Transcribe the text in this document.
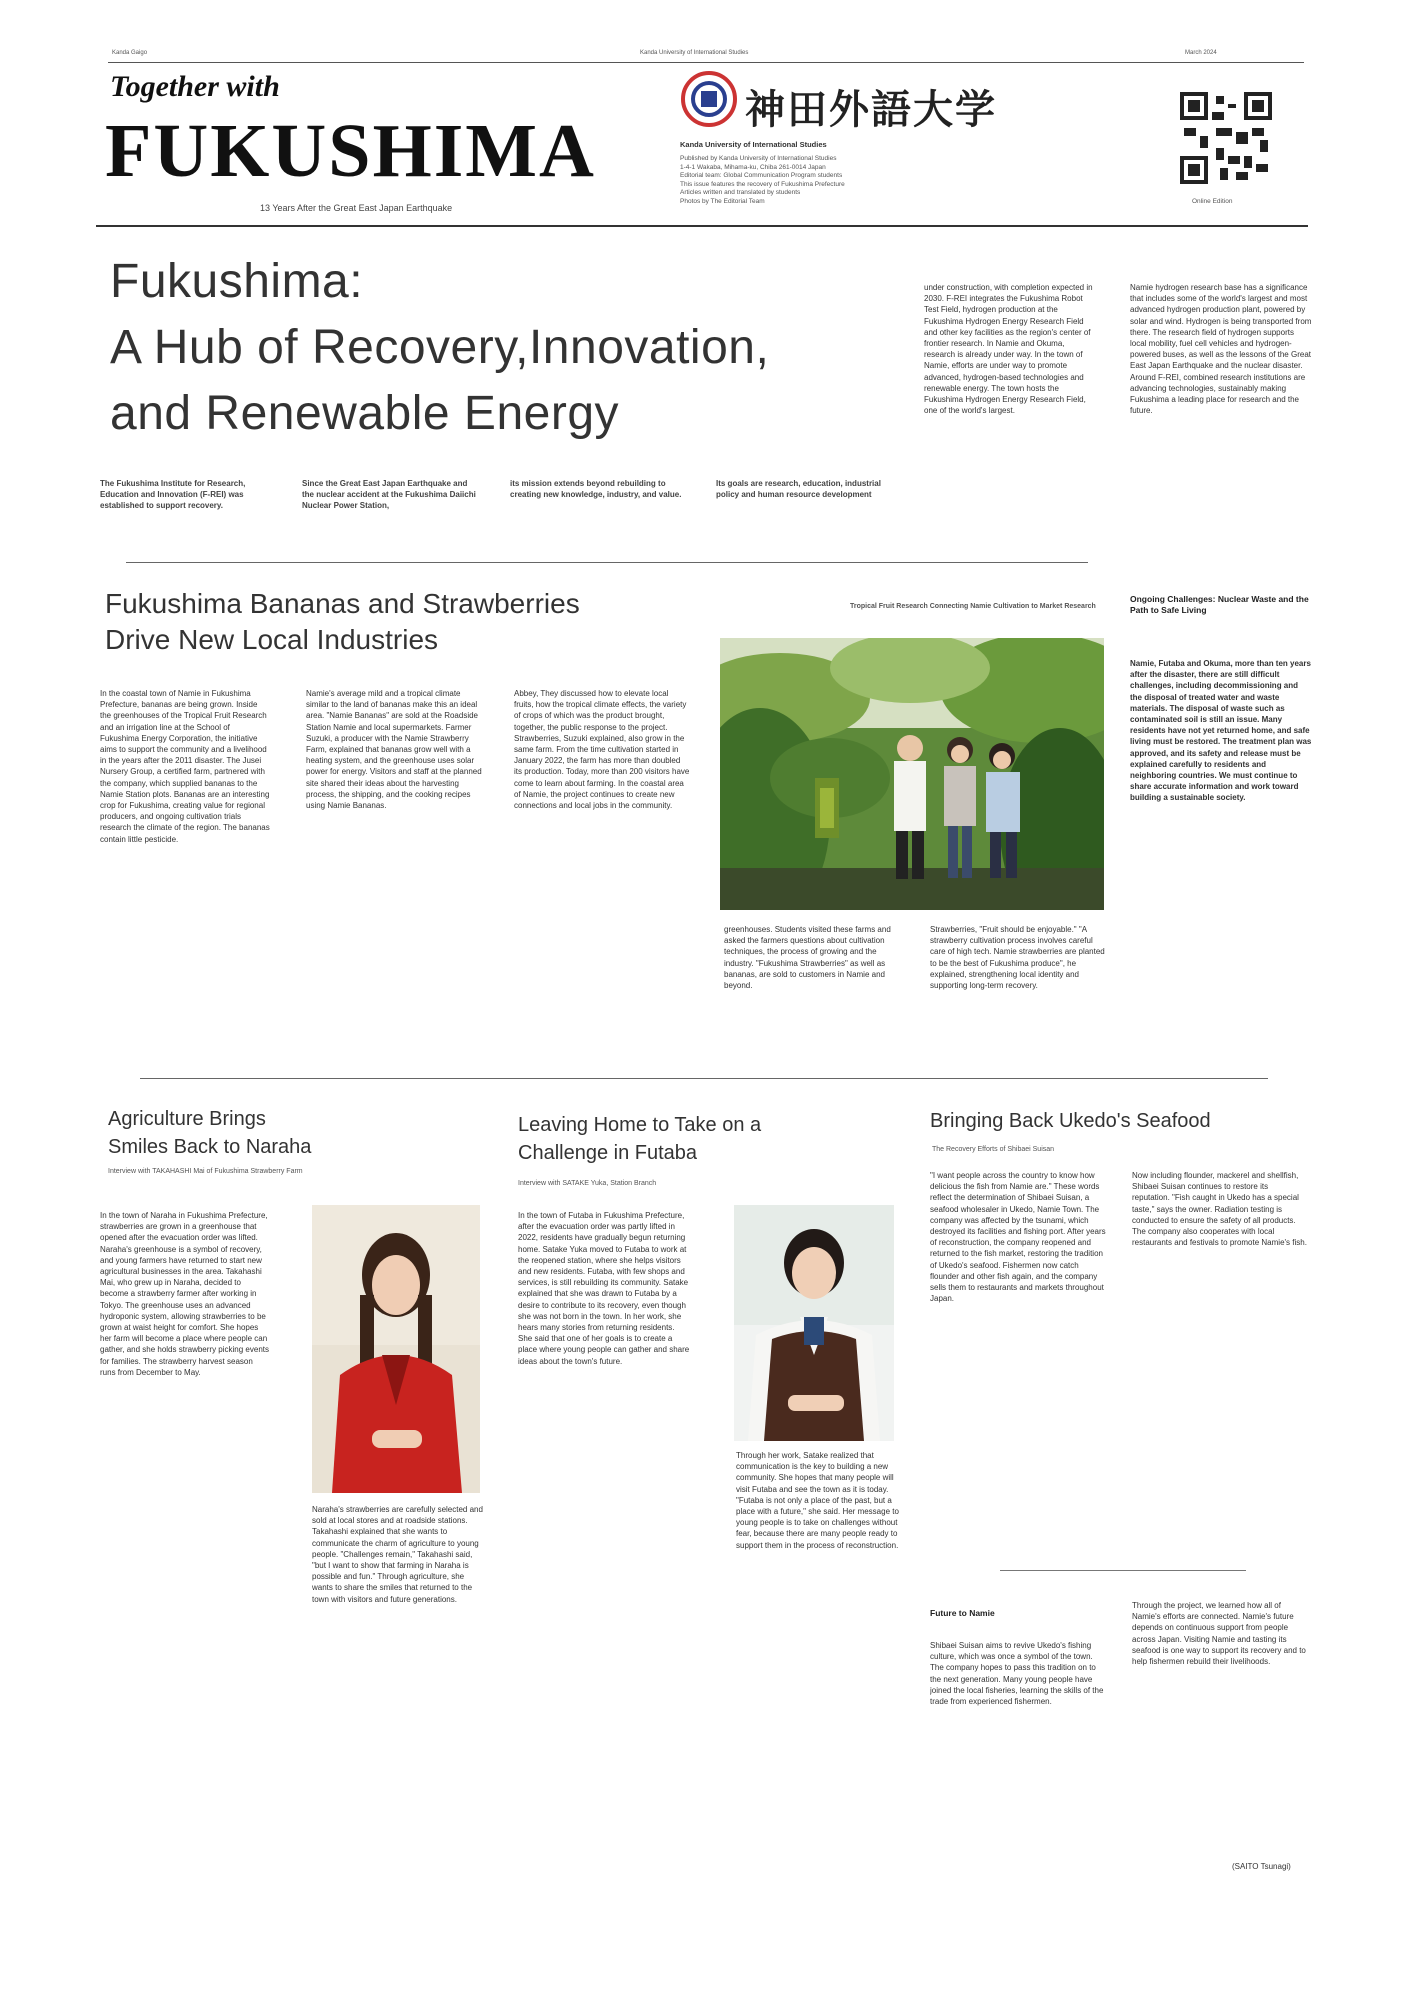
Kanda Gaigo	Kanda University of International Studies	March 2024
Together with
FUKUSHIMA
13 Years After the Great East Japan Earthquake
神田外語大学
Kanda University of International Studies
Published by Kanda University of International Studies
1-4-1 Wakaba, Mihama-ku, Chiba 261-0014 Japan
Editorial team: Global Communication Program students
This issue features the recovery of Fukushima Prefecture
Articles written and translated by students
Photos by The Editorial Team	Online Edition
Fukushima:
A Hub of Recovery,Innovation,
and Renewable Energy
The Fukushima Institute for Research, Education and Innovation (F-REI) was established to support recovery.
Since the Great East Japan Earthquake and the nuclear accident at the Fukushima Daiichi Nuclear Power Station,
its mission extends beyond rebuilding to creating new knowledge, industry, and value.
Its goals are research, education, industrial policy and human resource development
under construction, with completion expected in 2030. F-REI integrates the Fukushima Robot Test Field, hydrogen production at the Fukushima Hydrogen Energy Research Field and other key facilities as the region's center of frontier research. In Namie and Okuma, research is already under way. In the town of Namie, efforts are under way to promote advanced, hydrogen-based technologies and renewable energy. The town hosts the Fukushima Hydrogen Energy Research Field, one of the world's largest.
Namie hydrogen research base has a significance that includes some of the world's largest and most advanced hydrogen production plant, powered by solar and wind. Hydrogen is being transported from there. The research field of hydrogen supports local mobility, fuel cell vehicles and hydrogen-powered buses, as well as the lessons of the Great East Japan Earthquake and the nuclear disaster. Around F-REI, combined research institutions are advancing technologies, sustainably making Fukushima a leading place for research and the future.
Ongoing Challenges: Nuclear Waste and the Path to Safe Living
Namie, Futaba and Okuma, more than ten years after the disaster, there are still difficult challenges, including decommissioning and the disposal of treated water and waste materials. The disposal of waste such as contaminated soil is still an issue. Many residents have not yet returned home, and safe living must be restored. The treatment plan was approved, and its safety and release must be explained carefully to residents and neighboring countries. We must continue to share accurate information and work toward building a sustainable society.
Fukushima Bananas and Strawberries
Drive New Local Industries
Tropical Fruit Research Connecting Namie Cultivation to Market Research
In the coastal town of Namie in Fukushima Prefecture, bananas are being grown. Inside the greenhouses of the Tropical Fruit Research and an irrigation line at the School of Fukushima Energy Corporation, the initiative aims to support the community and a livelihood in the years after the 2011 disaster. The Jusei Nursery Group, a certified farm, partnered with the company, which supplied bananas to the Namie Station plots. Bananas are an interesting crop for Fukushima, creating value for regional producers, and ongoing cultivation trials research the climate of the region. The bananas contain little pesticide.
Namie's average mild and a tropical climate similar to the land of bananas make this an ideal area. "Namie Bananas" are sold at the Roadside Station Namie and local supermarkets. Farmer Suzuki, a producer with the Namie Strawberry Farm, explained that bananas grow well with a heating system, and the greenhouse uses solar power for energy. Visitors and staff at the planned site shared their ideas about the harvesting process, the shipping, and the cooking recipes using Namie Bananas.
Abbey, They discussed how to elevate local fruits, how the tropical climate effects, the variety of crops of which was the product brought, together, the public response to the project. Strawberries, Suzuki explained, also grow in the same farm. From the time cultivation started in January 2022, the farm has more than doubled its production. Today, more than 200 visitors have come to learn about farming. In the coastal area of Namie, the project continues to create new connections and local jobs in the community.
greenhouses. Students visited these farms and asked the farmers questions about cultivation techniques, the process of growing and the industry. "Fukushima Strawberries" as well as bananas, are sold to customers in Namie and beyond.
Strawberries, "Fruit should be enjoyable." "A strawberry cultivation process involves careful care of high tech. Namie strawberries are planted to be the best of Fukushima produce", he explained, strengthening local identity and supporting long-term recovery.
Agriculture Brings
Smiles Back to Naraha
Interview with TAKAHASHI Mai of Fukushima Strawberry Farm
In the town of Naraha in Fukushima Prefecture, strawberries are grown in a greenhouse that opened after the evacuation order was lifted. Naraha's greenhouse is a symbol of recovery, and young farmers have returned to start new agricultural businesses in the area. Takahashi Mai, who grew up in Naraha, decided to become a strawberry farmer after working in Tokyo. The greenhouse uses an advanced hydroponic system, allowing strawberries to be grown at waist height for comfort. She hopes her farm will become a place where people can gather, and she holds strawberry picking events for families. The strawberry harvest season runs from December to May.
Naraha's strawberries are carefully selected and sold at local stores and at roadside stations. Takahashi explained that she wants to communicate the charm of agriculture to young people. "Challenges remain," Takahashi said, "but I want to show that farming in Naraha is possible and fun." Through agriculture, she wants to share the smiles that returned to the town with visitors and future generations.
Leaving Home to Take on a
Challenge in Futaba
Interview with SATAKE Yuka, Station Branch
In the town of Futaba in Fukushima Prefecture, after the evacuation order was partly lifted in 2022, residents have gradually begun returning home. Satake Yuka moved to Futaba to work at the reopened station, where she helps visitors and new residents. Futaba, with few shops and services, is still rebuilding its community. Satake explained that she was drawn to Futaba by a desire to contribute to its recovery, even though she was not born in the town. In her work, she hears many stories from returning residents. She said that one of her goals is to create a place where young people can gather and share ideas about the town's future.
Through her work, Satake realized that communication is the key to building a new community. She hopes that many people will visit Futaba and see the town as it is today. "Futaba is not only a place of the past, but a place with a future," she said. Her message to young people is to take on challenges without fear, because there are many people ready to support them in the process of reconstruction.
Bringing Back Ukedo's Seafood
The Recovery Efforts of Shibaei Suisan
"I want people across the country to know how delicious the fish from Namie are." These words reflect the determination of Shibaei Suisan, a seafood wholesaler in Ukedo, Namie Town. The company was affected by the tsunami, which destroyed its facilities and fishing port. After years of reconstruction, the company reopened and returned to the fish market, restoring the tradition of Ukedo's seafood. Fishermen now catch flounder and other fish again, and the company sells them to restaurants and markets throughout Japan.
Now including flounder, mackerel and shellfish, Shibaei Suisan continues to restore its reputation. "Fish caught in Ukedo has a special taste," says the owner. Radiation testing is conducted to ensure the safety of all products. The company also cooperates with local restaurants and festivals to promote Namie's fish.
Future to Namie
Shibaei Suisan aims to revive Ukedo's fishing culture, which was once a symbol of the town. The company hopes to pass this tradition on to the next generation. Many young people have joined the local fisheries, learning the skills of the trade from experienced fishermen.
Through the project, we learned how all of Namie's efforts are connected. Namie's future depends on continuous support from people across Japan. Visiting Namie and tasting its seafood is one way to support its recovery and to help fishermen rebuild their livelihoods.
(SAITO Tsunagi)
